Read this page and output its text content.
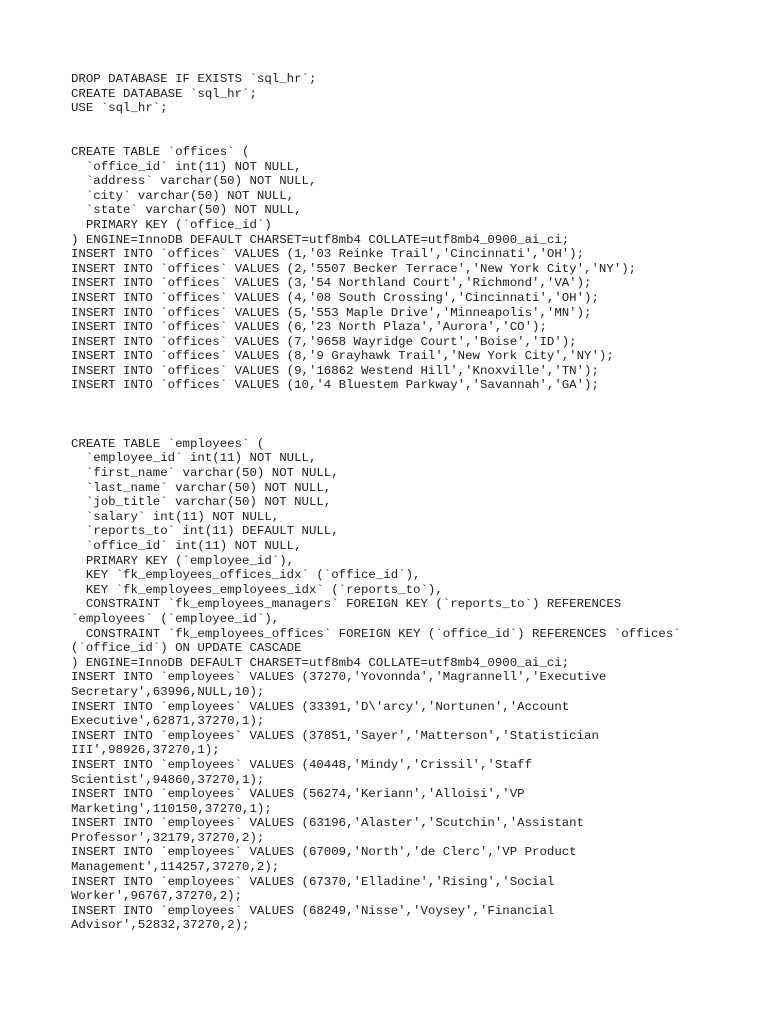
DROP DATABASE IF EXISTS `sql_hr`;
CREATE DATABASE `sql_hr`;
USE `sql_hr`;
CREATE TABLE `offices` (
`office_id` int(11) NOT NULL,
`address` varchar(50) NOT NULL,
`city` varchar(50) NOT NULL,
`state` varchar(50) NOT NULL,
PRIMARY KEY (`office_id`)
) ENGINE=InnoDB DEFAULT CHARSET=utf8mb4 COLLATE=utf8mb4_0900_ai_ci;
INSERT INTO `offices` VALUES (1,'03 Reinke Trail','Cincinnati','OH');
INSERT INTO `offices` VALUES (2,'5507 Becker Terrace','New York City','NY');
INSERT INTO `offices` VALUES (3,'54 Northland Court','Richmond','VA');
INSERT INTO `offices` VALUES (4,'08 South Crossing','Cincinnati','OH');
INSERT INTO `offices` VALUES (5,'553 Maple Drive','Minneapolis','MN');
INSERT INTO `offices` VALUES (6,'23 North Plaza','Aurora','CO');
INSERT INTO `offices` VALUES (7,'9658 Wayridge Court','Boise','ID');
INSERT INTO `offices` VALUES (8,'9 Grayhawk Trail','New York City','NY');
INSERT INTO `offices` VALUES (9,'16862 Westend Hill','Knoxville','TN');
INSERT INTO `offices` VALUES (10,'4 Bluestem Parkway','Savannah','GA');
CREATE TABLE `employees` (
`employee_id` int(11) NOT NULL,
`first_name` varchar(50) NOT NULL,
`last_name` varchar(50) NOT NULL,
`job_title` varchar(50) NOT NULL,
`salary` int(11) NOT NULL,
`reports_to` int(11) DEFAULT NULL,
`office_id` int(11) NOT NULL,
PRIMARY KEY (`employee_id`),
KEY `fk_employees_offices_idx` (`office_id`),
KEY `fk_employees_employees_idx` (`reports_to`),
CONSTRAINT `fk_employees_managers` FOREIGN KEY (`reports_to`) REFERENCES
`employees` (`employee_id`),
CONSTRAINT `fk_employees_offices` FOREIGN KEY (`office_id`) REFERENCES `offices`
(`office_id`) ON UPDATE CASCADE
) ENGINE=InnoDB DEFAULT CHARSET=utf8mb4 COLLATE=utf8mb4_0900_ai_ci;
INSERT INTO `employees` VALUES (37270,'Yovonnda','Magrannell','Executive
Secretary',63996,NULL,10);
INSERT INTO `employees` VALUES (33391,'D\'arcy','Nortunen','Account
Executive',62871,37270,1);
INSERT INTO `employees` VALUES (37851,'Sayer','Matterson','Statistician
III',98926,37270,1);
INSERT INTO `employees` VALUES (40448,'Mindy','Crissil','Staff
Scientist',94860,37270,1);
INSERT INTO `employees` VALUES (56274,'Keriann','Alloisi','VP
Marketing',110150,37270,1);
INSERT INTO `employees` VALUES (63196,'Alaster','Scutchin','Assistant
Professor',32179,37270,2);
INSERT INTO `employees` VALUES (67009,'North','de Clerc','VP Product
Management',114257,37270,2);
INSERT INTO `employees` VALUES (67370,'Elladine','Rising','Social
Worker',96767,37270,2);
INSERT INTO `employees` VALUES (68249,'Nisse','Voysey','Financial
Advisor',52832,37270,2);
